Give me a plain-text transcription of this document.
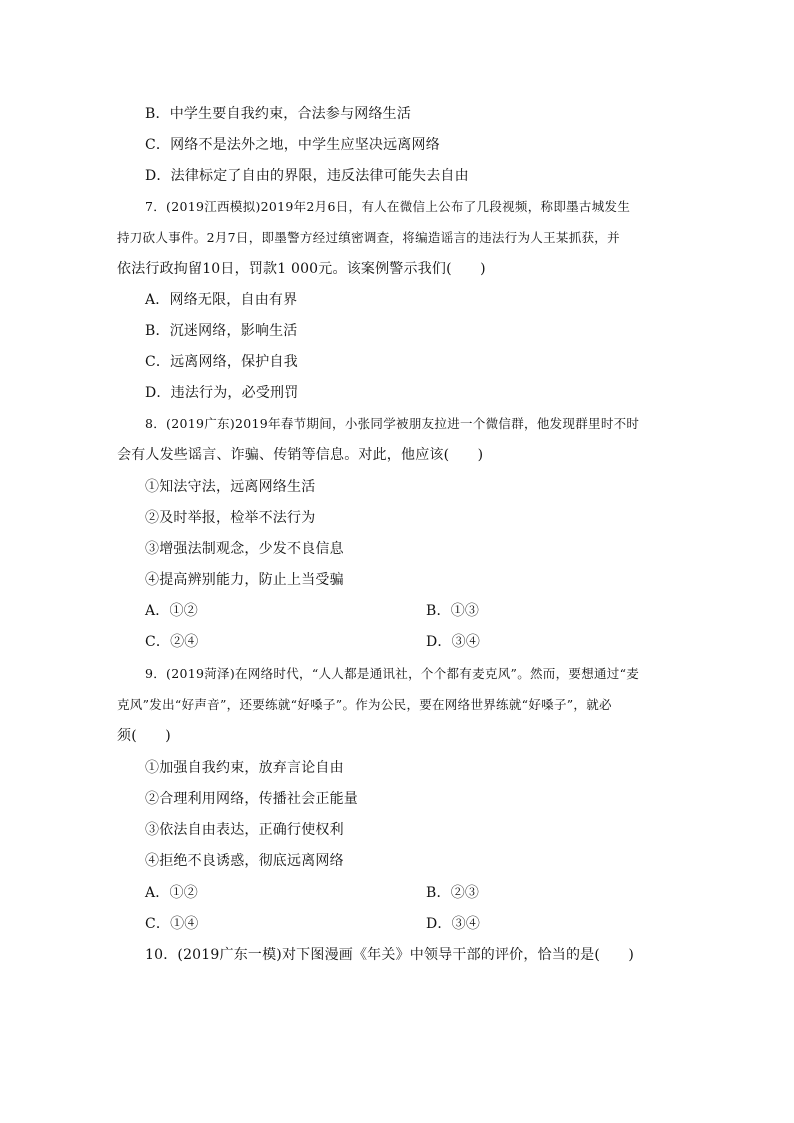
B．中学生要自我约束，合法参与网络生活
C．网络不是法外之地，中学生应坚决远离网络
D．法律标定了自由的界限，违反法律可能失去自由
7．(2019江西模拟)2019年2月6日，有人在微信上公布了几段视频，称即墨古城发生
持刀砍人事件。2月7日，即墨警方经过缜密调查，将编造谣言的违法行为人王某抓获，并
依法行政拘留10日，罚款1 000元。该案例警示我们(　　)
A．网络无限，自由有界
B．沉迷网络，影响生活
C．远离网络，保护自我
D．违法行为，必受刑罚
8．(2019广东)2019年春节期间，小张同学被朋友拉进一个微信群，他发现群里时不时
会有人发些谣言、诈骗、传销等信息。对此，他应该(　　)
①知法守法，远离网络生活
②及时举报，检举不法行为
③增强法制观念，少发不良信息
④提高辨别能力，防止上当受骗
A．①②	B．①③
C．②④	D．③④
9．(2019菏泽)在网络时代，“人人都是通讯社，个个都有麦克风”。然而，要想通过“麦
克风”发出“好声音”，还要练就“好嗓子”。作为公民，要在网络世界练就“好嗓子”，就必
须(　　)
①加强自我约束，放弃言论自由
②合理利用网络，传播社会正能量
③依法自由表达，正确行使权利
④拒绝不良诱惑，彻底远离网络
A．①②	B．②③
C．①④	D．③④
10．(2019广东一模)对下图漫画《年关》中领导干部的评价，恰当的是(　　)
